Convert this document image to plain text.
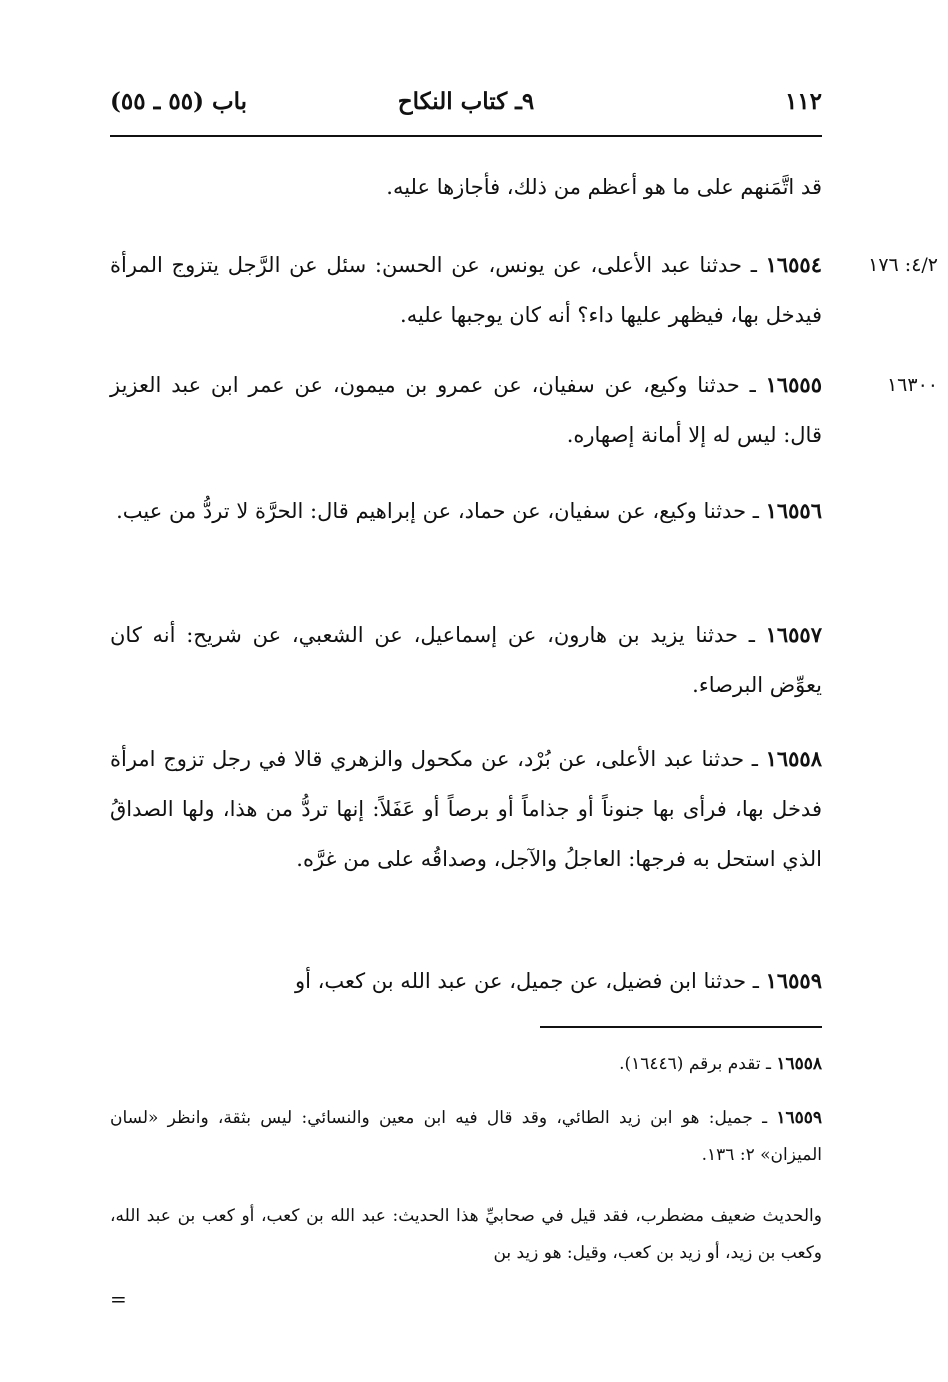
١١٢
٩ـ كتاب النكاح
باب (٥٥ ـ ٥٥)
٤/٢: ١٧٦
١٦٣٠٠
قد اتَّمَنهم على ما هو أعظم من ذلك، فأجازها عليه.
١٦٥٥٤ ـ حدثنا عبد الأعلى، عن يونس، عن الحسن: سئل عن الرَّجل يتزوج المرأة فيدخل بها، فيظهر عليها داء؟ أنه كان يوجبها عليه.
١٦٥٥٥ ـ حدثنا وكيع، عن سفيان، عن عمرو بن ميمون، عن عمر ابن عبد العزيز قال: ليس له إلا أمانة إصهاره.
١٦٥٥٦ ـ حدثنا وكيع، عن سفيان، عن حماد، عن إبراهيم قال: الحرَّة لا تردُّ من عيب.
١٦٥٥٧ ـ حدثنا يزيد بن هارون، عن إسماعيل، عن الشعبي، عن شريح: أنه كان يعوِّض البرصاء.
١٦٥٥٨ ـ حدثنا عبد الأعلى، عن بُرْد، عن مكحول والزهري قالا في رجل تزوج امرأة فدخل بها، فرأى بها جنوناً أو جذاماً أو برصاً أو عَفَلاً: إنها تردُّ من هذا، ولها الصداقُ الذي استحل به فرجها: العاجلُ والآجل، وصداقُه على من غرَّه.
١٦٥٥٩ ـ حدثنا ابن فضيل، عن جميل، عن عبد الله بن كعب، أو
١٦٥٥٨ ـ تقدم برقم (١٦٤٤٦).
١٦٥٥٩ ـ جميل: هو ابن زيد الطائي، وقد قال فيه ابن معين والنسائي: ليس بثقة، وانظر «لسان الميزان» ٢: ١٣٦.
والحديث ضعيف مضطرب، فقد قيل في صحابيِّ هذا الحديث: عبد الله بن كعب، أو كعب بن عبد الله، وكعب بن زيد، أو زيد بن كعب، وقيل: هو زيد بن
=
